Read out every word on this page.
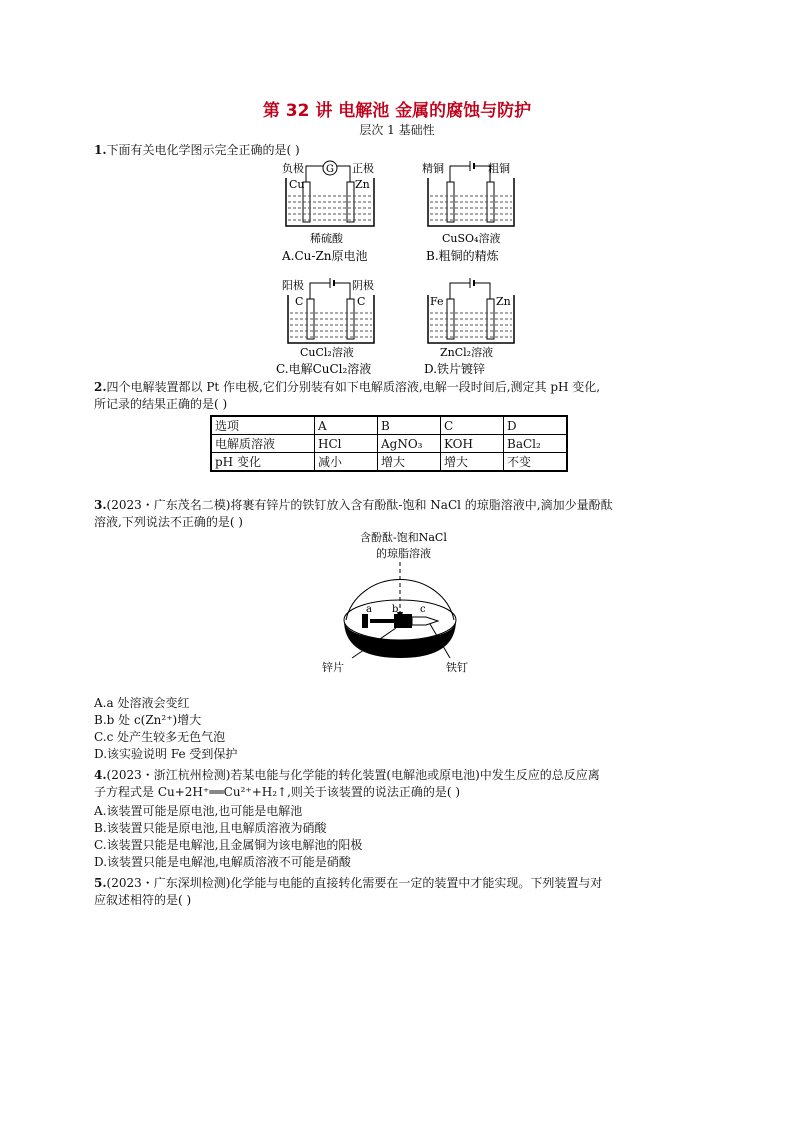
第 32 讲 电解池 金属的腐蚀与防护
层次 1 基础性
1.下面有关电化学图示完全正确的是( )
负极	正极
G
Cu	Zn
稀硫酸
A.Cu-Zn原电池
精铜	粗铜
CuSO₄溶液
B.粗铜的精炼
阳极	阴极
C	C
CuCl₂溶液
C.电解CuCl₂溶液
Fe	Zn
ZnCl₂溶液
D.铁片镀锌
2.四个电解装置都以 Pt 作电极,它们分别装有如下电解质溶液,电解一段时间后,测定其 pH 变化,
所记录的结果正确的是( )
选项	A	B	C	D
电解质溶液	HCl	AgNO₃	KOH	BaCl₂
pH 变化	减小	增大	增大	不变
3.(2023・广东茂名二模)将裹有锌片的铁钉放入含有酚酞-饱和 NaCl 的琼脂溶液中,滴加少量酚酞
溶液,下列说法不正确的是( )
含酚酞-饱和NaCl
的琼脂溶液
a b c
锌片	铁钉
A.a 处溶液会变红
B.b 处 c(Zn²⁺)增大
C.c 处产生较多无色气泡
D.该实验说明 Fe 受到保护
4.(2023・浙江杭州检测)若某电能与化学能的转化装置(电解池或原电池)中发生反应的总反应离
子方程式是 Cu+2H⁺══Cu²⁺+H₂↑,则关于该装置的说法正确的是( )
A.该装置可能是原电池,也可能是电解池
B.该装置只能是原电池,且电解质溶液为硝酸
C.该装置只能是电解池,且金属铜为该电解池的阳极
D.该装置只能是电解池,电解质溶液不可能是硝酸
5.(2023・广东深圳检测)化学能与电能的直接转化需要在一定的装置中才能实现。下列装置与对
应叙述相符的是( )
